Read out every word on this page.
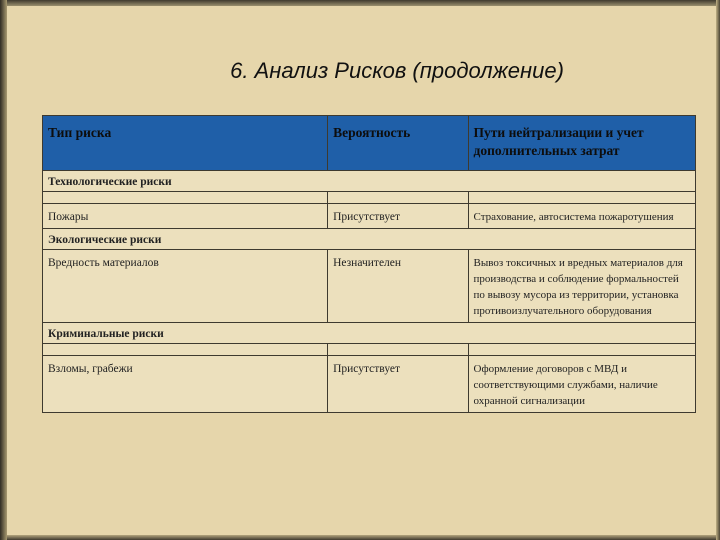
6. Анализ Рисков (продолжение)
Тип риска	Вероятность	Пути нейтрализации и учет дополнительных затрат
Технологические риски		

Пожары	Присутствует	Страхование, автосистема пожаротушения
Экологические риски		
Вредность материалов	Незначителен	Вывоз токсичных и вредных материалов для производства и соблюдение формальностей по вывозу мусора из территории, установка противоизлучательного оборудования
Криминальные риски		

Взломы, грабежи	Присутствует	Оформление договоров с МВД и соответствующими службами, наличие охранной сигнализации
